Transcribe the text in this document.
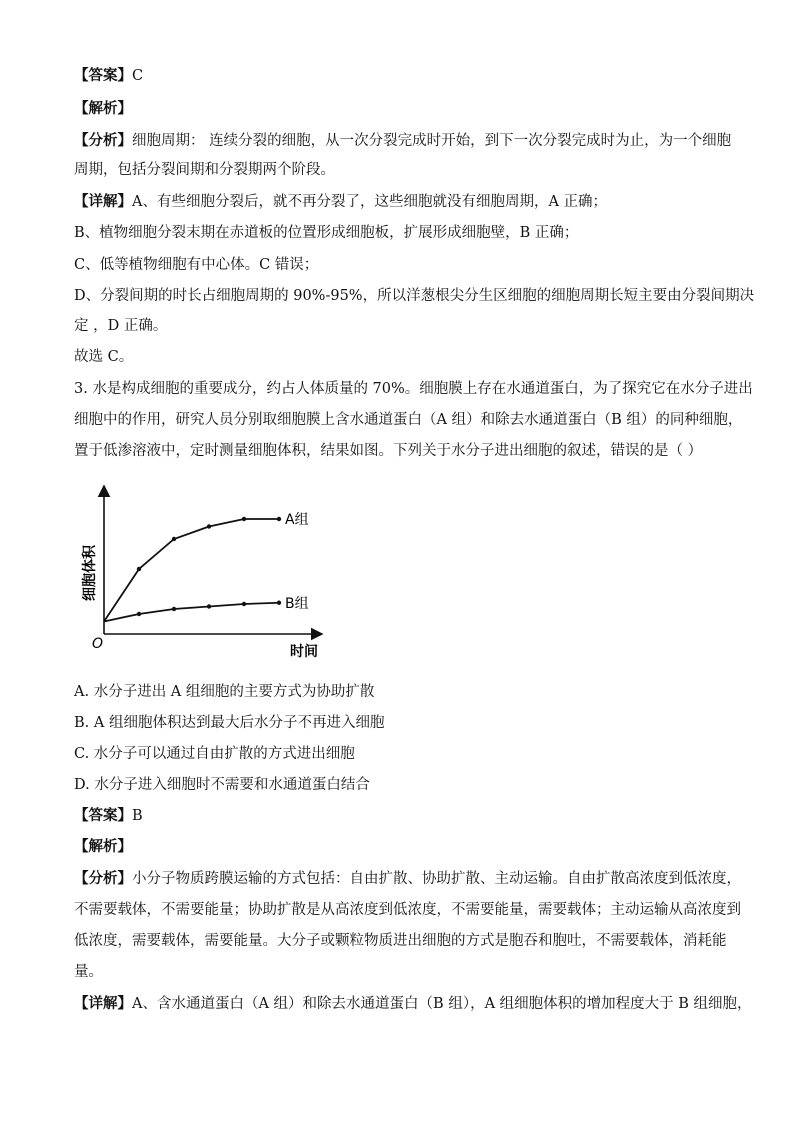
【答案】C
【解析】
【分析】细胞周期： 连续分裂的细胞，从一次分裂完成时开始，到下一次分裂完成时为止，为一个细胞
周期，包括分裂间期和分裂期两个阶段。
【详解】A、有些细胞分裂后，就不再分裂了，这些细胞就没有细胞周期，A 正确；
B、植物细胞分裂末期在赤道板的位置形成细胞板，扩展形成细胞壁，B 正确；
C、低等植物细胞有中心体。C 错误；
D、分裂间期的时长占细胞周期的 90%-95%，所以洋葱根尖分生区细胞的细胞周期长短主要由分裂间期决
定 ，D 正确。
故选 C。
3. 水是构成细胞的重要成分，约占人体质量的 70%。细胞膜上存在水通道蛋白，为了探究它在水分子进出
细胞中的作用，研究人员分别取细胞膜上含水通道蛋白（A 组）和除去水通道蛋白（B 组）的同种细胞，
置于低渗溶液中，定时测量细胞体积，结果如图。下列关于水分子进出细胞的叙述，错误的是（ ）
细胞体积
时间
O
A组
B组
A. 水分子进出 A 组细胞的主要方式为协助扩散
B. A 组细胞体积达到最大后水分子不再进入细胞
C. 水分子可以通过自由扩散的方式进出细胞
D. 水分子进入细胞时不需要和水通道蛋白结合
【答案】B
【解析】
【分析】小分子物质跨膜运输的方式包括：自由扩散、协助扩散、主动运输。自由扩散高浓度到低浓度，
不需要载体，不需要能量；协助扩散是从高浓度到低浓度，不需要能量，需要载体；主动运输从高浓度到
低浓度，需要载体，需要能量。大分子或颗粒物质进出细胞的方式是胞吞和胞吐，不需要载体，消耗能
量。
【详解】A、含水通道蛋白（A 组）和除去水通道蛋白（B 组），A 组细胞体积的增加程度大于 B 组细胞，
